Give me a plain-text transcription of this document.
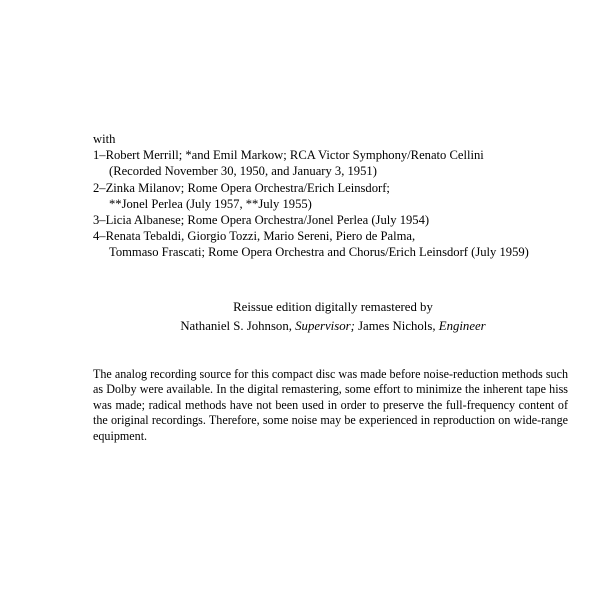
with

1–Robert Merrill; *and Emil Markow; RCA Victor Symphony/Renato Cellini

(Recorded November 30, 1950, and January 3, 1951)

2–Zinka Milanov; Rome Opera Orchestra/Erich Leinsdorf;

**Jonel Perlea (July 1957, **July 1955)

3–Licia Albanese; Rome Opera Orchestra/Jonel Perlea (July 1954)

4–Renata Tebaldi, Giorgio Tozzi, Mario Sereni, Piero de Palma,

Tommaso Frascati; Rome Opera Orchestra and Chorus/Erich Leinsdorf (July 1959)

Reissue edition digitally remastered by
Nathaniel S. Johnson, Supervisor; James Nichols, Engineer
The analog recording source for this compact disc was made before noise-reduction methods such as Dolby were available. In the digital remastering, some effort to minimize the inherent tape hiss was made; radical methods have not been used in order to preserve the full-frequency content of the original recordings. Therefore, some noise may be experienced in reproduction on wide-range equipment.
